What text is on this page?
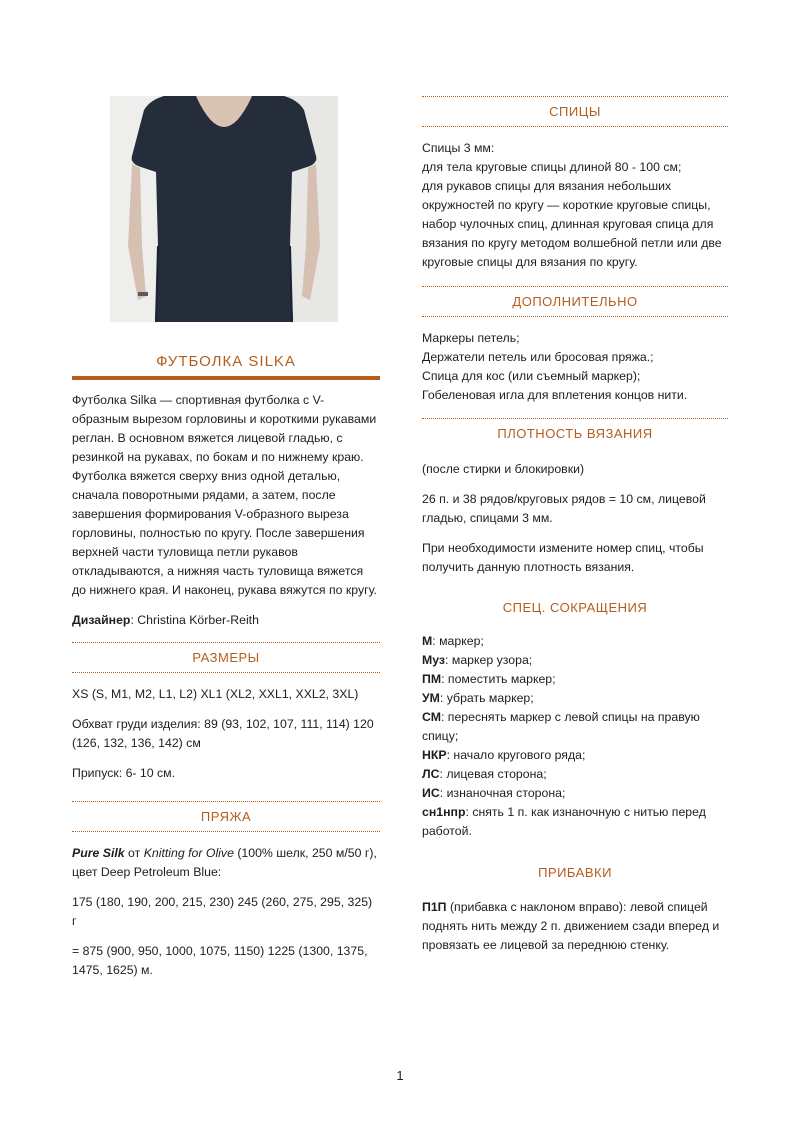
ФУТБОЛКА SILKA

Футболка Silka — спортивная футболка с V-образным вырезом горловины и короткими рукавами реглан. В основном вяжется лицевой гладью, с резинкой на рукавах, по бокам и по нижнему краю. Футболка вяжется сверху вниз одной деталью, сначала поворотными рядами, а затем, после завершения формирования V-образного выреза горловины, полностью по кругу. После завершения верхней части туловища петли рукавов откладываются, а нижняя часть туловища вяжется до нижнего края. И наконец, рукава вяжутся по кругу.

Дизайнер: Christina Körber-Reith

РАЗМЕРЫ

XS (S, M1, M2, L1, L2) XL1 (XL2, XXL1, XXL2, 3XL)

Обхват груди изделия: 89 (93, 102, 107, 111, 114) 120 (126, 132, 136, 142) см

Припуск: 6- 10 см.

ПРЯЖА

Pure Silk от Knitting for Olive (100% шелк, 250 м/50 г), цвет Deep Petroleum Blue:

175 (180, 190, 200, 215, 230) 245 (260, 275, 295, 325) г

= 875 (900, 950, 1000, 1075, 1150) 1225 (1300, 1375, 1475, 1625) м.

СПИЦЫ

Спицы 3 мм:
для тела круговые спицы длиной 80 - 100 см;
для рукавов спицы для вязания небольших окружностей по кругу — короткие круговые спицы, набор чулочных спиц, длинная круговая спица для вязания по кругу методом волшебной петли или две круговые спицы для вязания по кругу.

ДОПОЛНИТЕЛЬНО

Маркеры петель;
Держатели петель или бросовая пряжа.;
Спица для кос (или съемный маркер);
Гобеленовая игла для вплетения концов нити.

ПЛОТНОСТЬ ВЯЗАНИЯ

(после стирки и блокировки)

26 п. и 38 рядов/круговых рядов = 10 см, лицевой гладью, спицами 3 мм.

При необходимости измените номер спиц, чтобы получить данную плотность вязания.

СПЕЦ. СОКРАЩЕНИЯ

М: маркер;

Муз: маркер узора;

ПМ: поместить маркер;

УМ: убрать маркер;

СМ: переснять маркер с левой спицы на правую спицу;

НКР: начало кругового ряда;

ЛС: лицевая сторона;

ИС: изнаночная сторона;

сн1нпр: снять 1 п. как изнаночную с нитью перед работой.

ПРИБАВКИ

П1П (прибавка с наклоном вправо): левой спицей поднять нить между 2 п. движением сзади вперед и провязать ее лицевой за переднюю стенку.

1
